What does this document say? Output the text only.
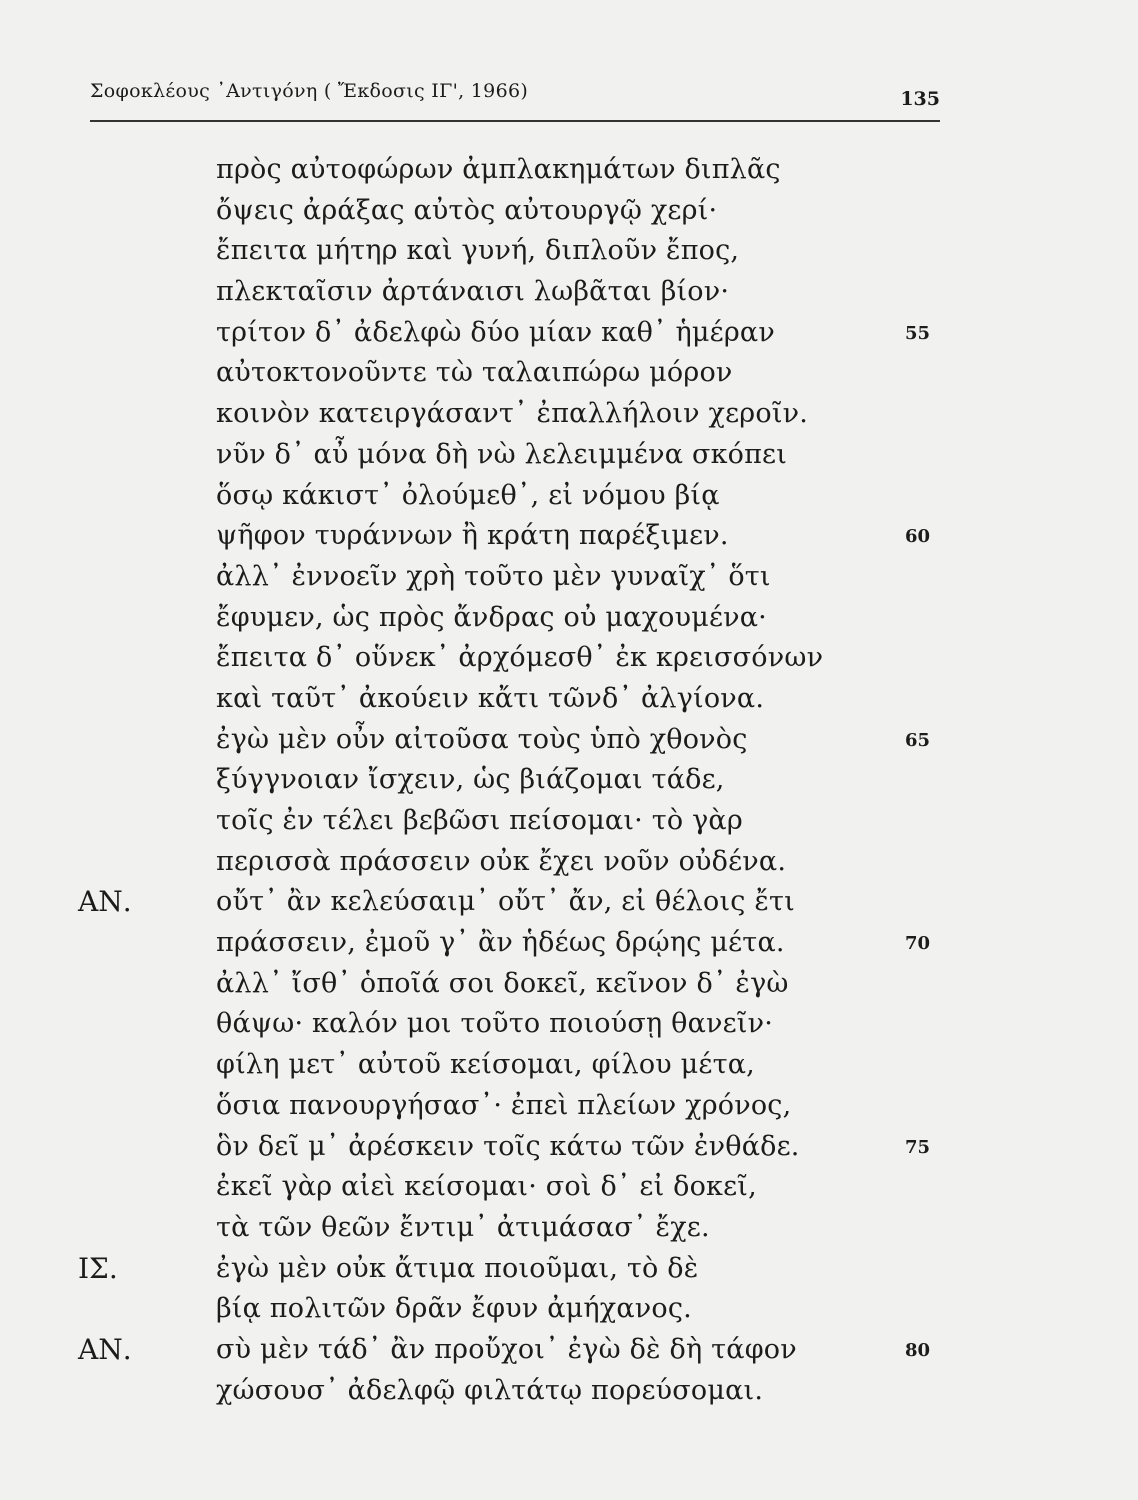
Σοφοκλέους ᾽Αντιγόνη ( Ἔκδοσις ΙΓ', 1966)	135
πρὸς αὐτοφώρων ἀμπλακημάτων διπλᾶς
ὄψεις ἀράξας αὐτὸς αὐτουργῷ χερί·
ἔπειτα μήτηρ καὶ γυνή, διπλοῦν ἔπος,
πλεκταῖσιν ἀρτάναισι λωβᾶται βίον·
τρίτον δ᾽ ἀδελφὼ δύο μίαν καθ᾽ ἡμέραν	55
αὐτοκτονοῦντε τὼ ταλαιπώρω μόρον
κοινὸν κατειργάσαντ᾽ ἐπαλλήλοιν χεροῖν.
νῦν δ᾽ αὖ μόνα δὴ νὼ λελειμμένα σκόπει
ὅσῳ κάκιστ᾽ ὀλούμεθ᾽, εἰ νόμου βίᾳ
ψῆφον τυράννων ἢ κράτη παρέξιμεν.	60
ἀλλ᾽ ἐννοεῖν χρὴ τοῦτο μὲν γυναῖχ᾽ ὅτι
ἔφυμεν, ὡς πρὸς ἄνδρας οὐ μαχουμένα·
ἔπειτα δ᾽ οὕνεκ᾽ ἀρχόμεσθ᾽ ἐκ κρεισσόνων
καὶ ταῦτ᾽ ἀκούειν κἄτι τῶνδ᾽ ἀλγίονα.
ἐγὼ μὲν οὖν αἰτοῦσα τοὺς ὑπὸ χθονὸς	65
ξύγγνοιαν ἴσχειν, ὡς βιάζομαι τάδε,
τοῖς ἐν τέλει βεβῶσι πείσομαι· τὸ γὰρ
περισσὰ πράσσειν οὐκ ἔχει νοῦν οὐδένα.
ΑΝ.	οὔτ᾽ ἂν κελεύσαιμ᾽ οὔτ᾽ ἄν, εἰ θέλοις ἔτι
πράσσειν, ἐμοῦ γ᾽ ἂν ἡδέως δρῴης μέτα.	70
ἀλλ᾽ ἴσθ᾽ ὁποῖά σοι δοκεῖ, κεῖνον δ᾽ ἐγὼ
θάψω· καλόν μοι τοῦτο ποιούσῃ θανεῖν·
φίλη μετ᾽ αὐτοῦ κείσομαι, φίλου μέτα,
ὅσια πανουργήσασ᾽· ἐπεὶ πλείων χρόνος,
ὃν δεῖ μ᾽ ἀρέσκειν τοῖς κάτω τῶν ἐνθάδε.	75
ἐκεῖ γὰρ αἰεὶ κείσομαι· σοὶ δ᾽ εἰ δοκεῖ,
τὰ τῶν θεῶν ἔντιμ᾽ ἀτιμάσασ᾽ ἔχε.
ΙΣ.	ἐγὼ μὲν οὐκ ἄτιμα ποιοῦμαι, τὸ δὲ
βίᾳ πολιτῶν δρᾶν ἔφυν ἀμήχανος.
ΑΝ.	σὺ μὲν τάδ᾽ ἂν προὔχοι᾽ ἐγὼ δὲ δὴ τάφον	80
χώσουσ᾽ ἀδελφῷ φιλτάτῳ πορεύσομαι.
